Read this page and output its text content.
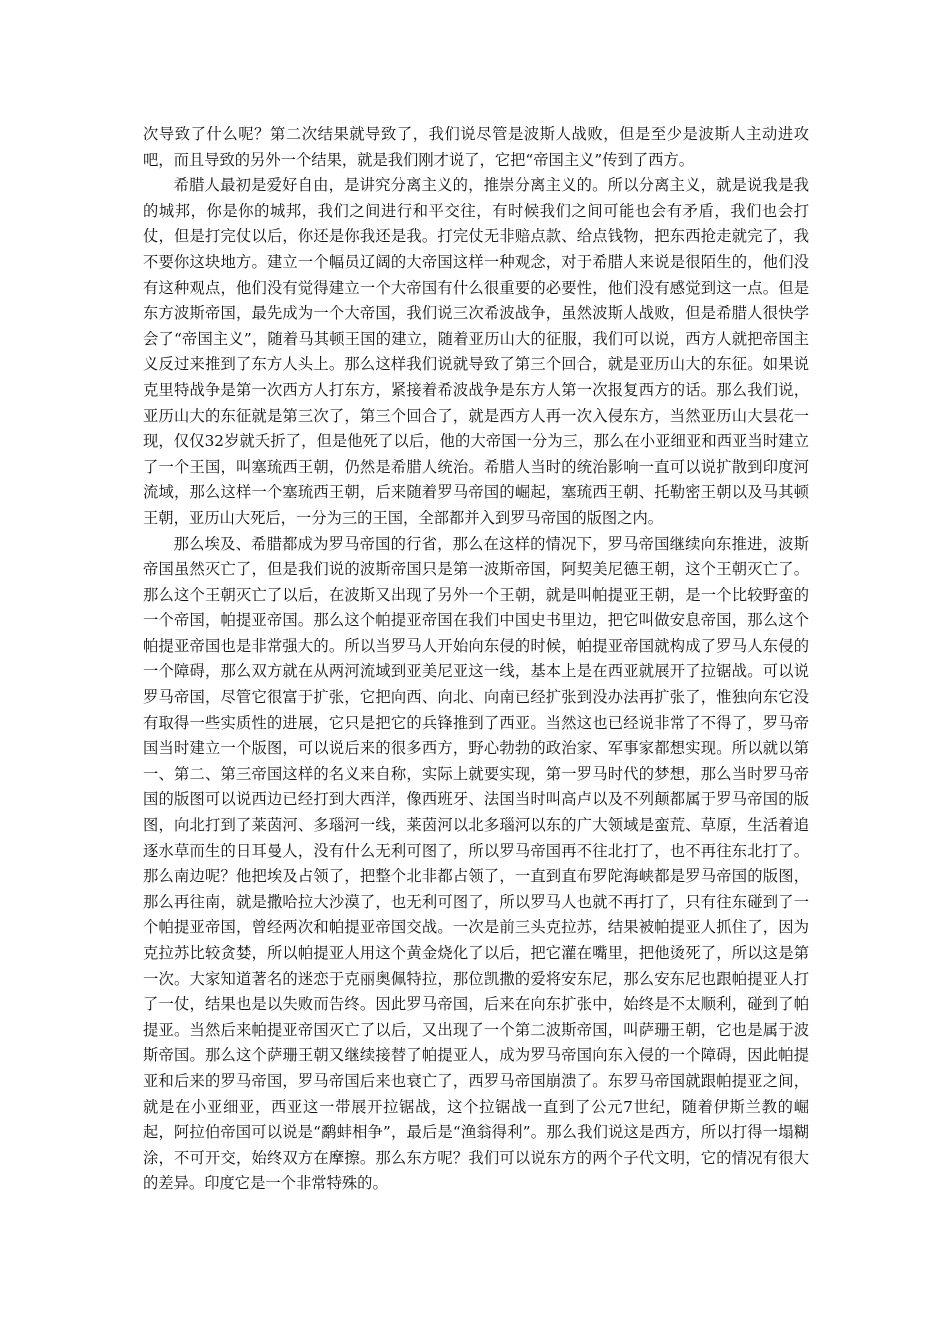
次导致了什么呢？第二次结果就导致了，我们说尽管是波斯人战败，但是至少是波斯人主动进攻吧，而且导致的另外一个结果，就是我们刚才说了，它把“帝国主义”传到了西方。

希腊人最初是爱好自由，是讲究分离主义的，推崇分离主义的。所以分离主义，就是说我是我的城邦，你是你的城邦，我们之间进行和平交往，有时候我们之间可能也会有矛盾，我们也会打仗，但是打完仗以后，你还是你我还是我。打完仗无非赔点款、给点钱物，把东西抢走就完了，我不要你这块地方。建立一个幅员辽阔的大帝国这样一种观念，对于希腊人来说是很陌生的，他们没有这种观点，他们没有觉得建立一个大帝国有什么很重要的必要性，他们没有感觉到这一点。但是东方波斯帝国，最先成为一个大帝国，我们说三次希波战争，虽然波斯人战败，但是希腊人很快学会了“帝国主义”，随着马其顿王国的建立，随着亚历山大的征服，我们可以说，西方人就把帝国主义反过来推到了东方人头上。那么这样我们说就导致了第三个回合，就是亚历山大的东征。如果说克里特战争是第一次西方人打东方，紧接着希波战争是东方人第一次报复西方的话。那么我们说，亚历山大的东征就是第三次了，第三个回合了，就是西方人再一次入侵东方，当然亚历山大昙花一现，仅仅32岁就夭折了，但是他死了以后，他的大帝国一分为三，那么在小亚细亚和西亚当时建立了一个王国，叫塞琉西王朝，仍然是希腊人统治。希腊人当时的统治影响一直可以说扩散到印度河流域，那么这样一个塞琉西王朝，后来随着罗马帝国的崛起，塞琉西王朝、托勒密王朝以及马其顿王朝，亚历山大死后，一分为三的王国，全部都并入到罗马帝国的版图之内。

那么埃及、希腊都成为罗马帝国的行省，那么在这样的情况下，罗马帝国继续向东推进，波斯帝国虽然灭亡了，但是我们说的波斯帝国只是第一波斯帝国，阿契美尼德王朝，这个王朝灭亡了。那么这个王朝灭亡了以后，在波斯又出现了另外一个王朝，就是叫帕提亚王朝，是一个比较野蛮的一个帝国，帕提亚帝国。那么这个帕提亚帝国在我们中国史书里边，把它叫做安息帝国，那么这个帕提亚帝国也是非常强大的。所以当罗马人开始向东侵的时候，帕提亚帝国就构成了罗马人东侵的一个障碍，那么双方就在从两河流域到亚美尼亚这一线，基本上是在西亚就展开了拉锯战。可以说罗马帝国，尽管它很富于扩张，它把向西、向北、向南已经扩张到没办法再扩张了，惟独向东它没有取得一些实质性的进展，它只是把它的兵锋推到了西亚。当然这也已经说非常了不得了，罗马帝国当时建立一个版图，可以说后来的很多西方，野心勃勃的政治家、军事家都想实现。所以就以第一、第二、第三帝国这样的名义来自称，实际上就要实现，第一罗马时代的梦想，那么当时罗马帝国的版图可以说西边已经打到大西洋，像西班牙、法国当时叫高卢以及不列颠都属于罗马帝国的版图，向北打到了莱茵河、多瑙河一线，莱茵河以北多瑙河以东的广大领域是蛮荒、草原，生活着追逐水草而生的日耳曼人，没有什么无利可图了，所以罗马帝国再不往北打了，也不再往东北打了。那么南边呢？他把埃及占领了，把整个北非都占领了，一直到直布罗陀海峡都是罗马帝国的版图，那么再往南，就是撒哈拉大沙漠了，也无利可图了，所以罗马人也就不再打了，只有往东碰到了一个帕提亚帝国，曾经两次和帕提亚帝国交战。一次是前三头克拉苏，结果被帕提亚人抓住了，因为克拉苏比较贪婪，所以帕提亚人用这个黄金烧化了以后，把它灌在嘴里，把他烫死了，所以这是第一次。大家知道著名的迷恋于克丽奥佩特拉，那位凯撒的爱将安东尼，那么安东尼也跟帕提亚人打了一仗，结果也是以失败而告终。因此罗马帝国，后来在向东扩张中，始终是不太顺利，碰到了帕提亚。当然后来帕提亚帝国灭亡了以后，又出现了一个第二波斯帝国，叫萨珊王朝，它也是属于波斯帝国。那么这个萨珊王朝又继续接替了帕提亚人，成为罗马帝国向东入侵的一个障碍，因此帕提亚和后来的罗马帝国，罗马帝国后来也衰亡了，西罗马帝国崩溃了。东罗马帝国就跟帕提亚之间，就是在小亚细亚，西亚这一带展开拉锯战，这个拉锯战一直到了公元7世纪，随着伊斯兰教的崛起，阿拉伯帝国可以说是“鹬蚌相争”，最后是“渔翁得利”。那么我们说这是西方，所以打得一塌糊涂，不可开交，始终双方在摩擦。那么东方呢？我们可以说东方的两个子代文明，它的情况有很大的差异。印度它是一个非常特殊的。
